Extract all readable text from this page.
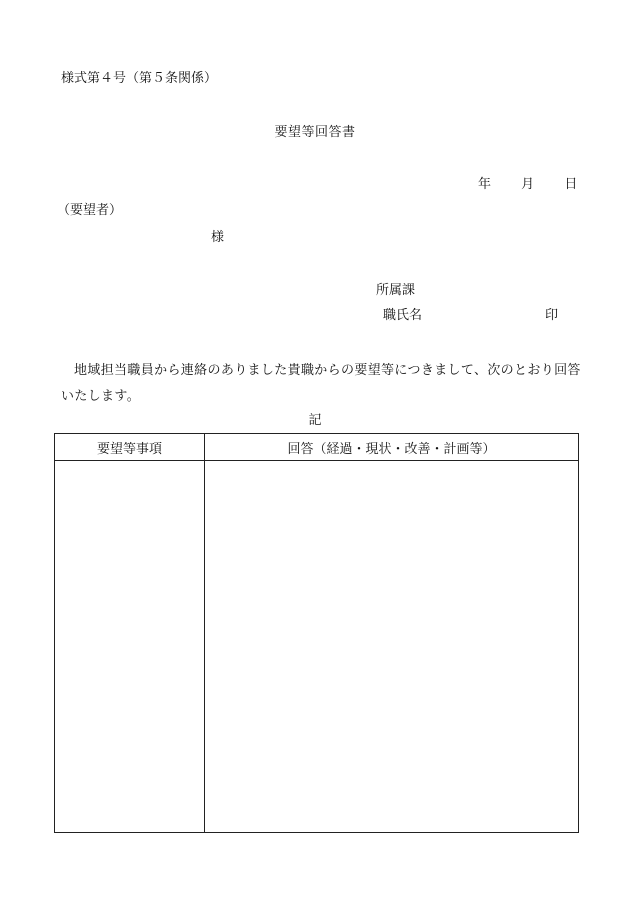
様式第４号（第５条関係）
要望等回答書
年 月 日
（要望者）
様
所属課
職氏名	印
地域担当職員から連絡のありました貴職からの要望等につきまして、次のとおり回答いたします。
記
要望等事項	回答（経過・現状・改善・計画等）
